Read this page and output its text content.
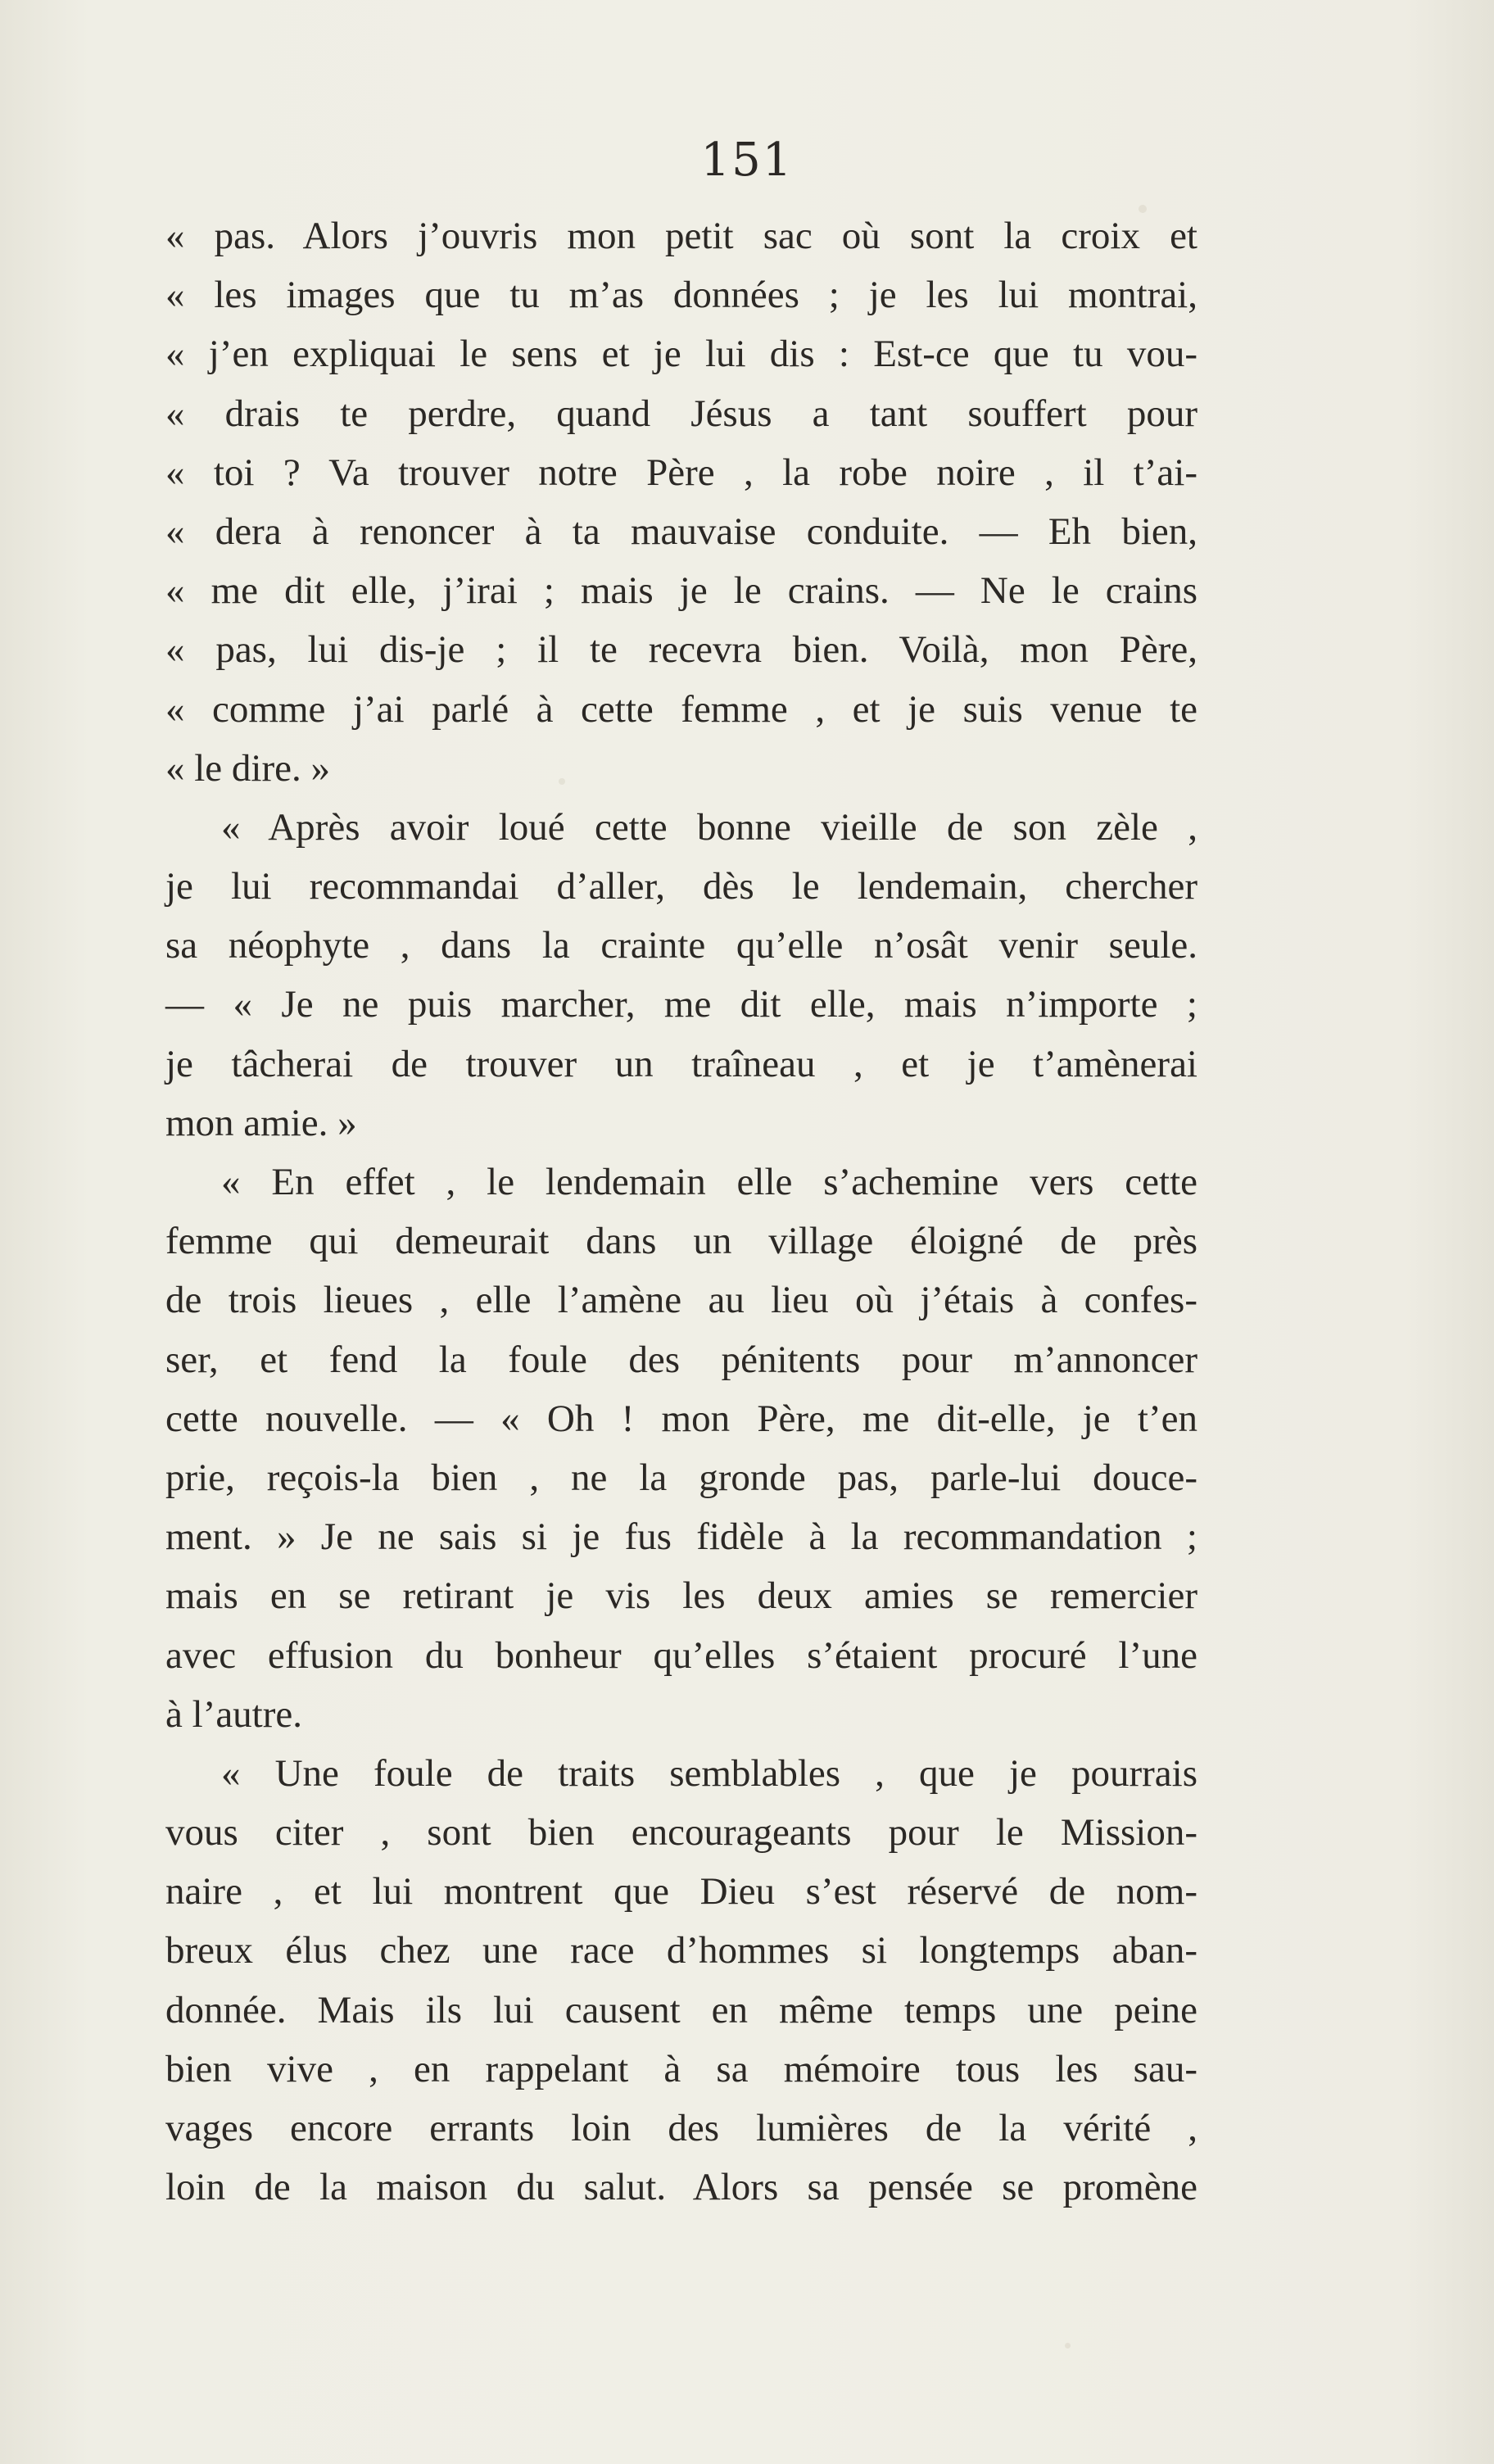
151
« pas. Alors j’ouvris mon petit sac où sont la croix et
« les images que tu m’as données ; je les lui montrai,
« j’en expliquai le sens et je lui dis : Est-ce que tu vou-
« drais te perdre, quand Jésus a tant souffert pour
« toi ? Va trouver notre Père , la robe noire , il t’ai-
« dera à renoncer à ta mauvaise conduite. — Eh bien,
« me dit elle, j’irai ; mais je le crains. — Ne le crains
« pas, lui dis-je ; il te recevra bien. Voilà, mon Père,
« comme j’ai parlé à cette femme , et je suis venue te
« le dire. »
« Après avoir loué cette bonne vieille de son zèle ,
je lui recommandai d’aller, dès le lendemain, chercher
sa néophyte , dans la crainte qu’elle n’osât venir seule.
— « Je ne puis marcher, me dit elle, mais n’importe ;
je tâcherai de trouver un traîneau , et je t’amènerai
mon amie. »
« En effet , le lendemain elle s’achemine vers cette
femme qui demeurait dans un village éloigné de près
de trois lieues , elle l’amène au lieu où j’étais à confes-
ser, et fend la foule des pénitents pour m’annoncer
cette nouvelle. — « Oh ! mon Père, me dit-elle, je t’en
prie, reçois-la bien , ne la gronde pas, parle-lui douce-
ment. » Je ne sais si je fus fidèle à la recommandation ;
mais en se retirant je vis les deux amies se remercier
avec effusion du bonheur qu’elles s’étaient procuré l’une
à l’autre.
« Une foule de traits semblables , que je pourrais
vous citer , sont bien encourageants pour le Mission-
naire , et lui montrent que Dieu s’est réservé de nom-
breux élus chez une race d’hommes si longtemps aban-
donnée. Mais ils lui causent en même temps une peine
bien vive , en rappelant à sa mémoire tous les sau-
vages encore errants loin des lumières de la vérité ,
loin de la maison du salut. Alors sa pensée se promène
